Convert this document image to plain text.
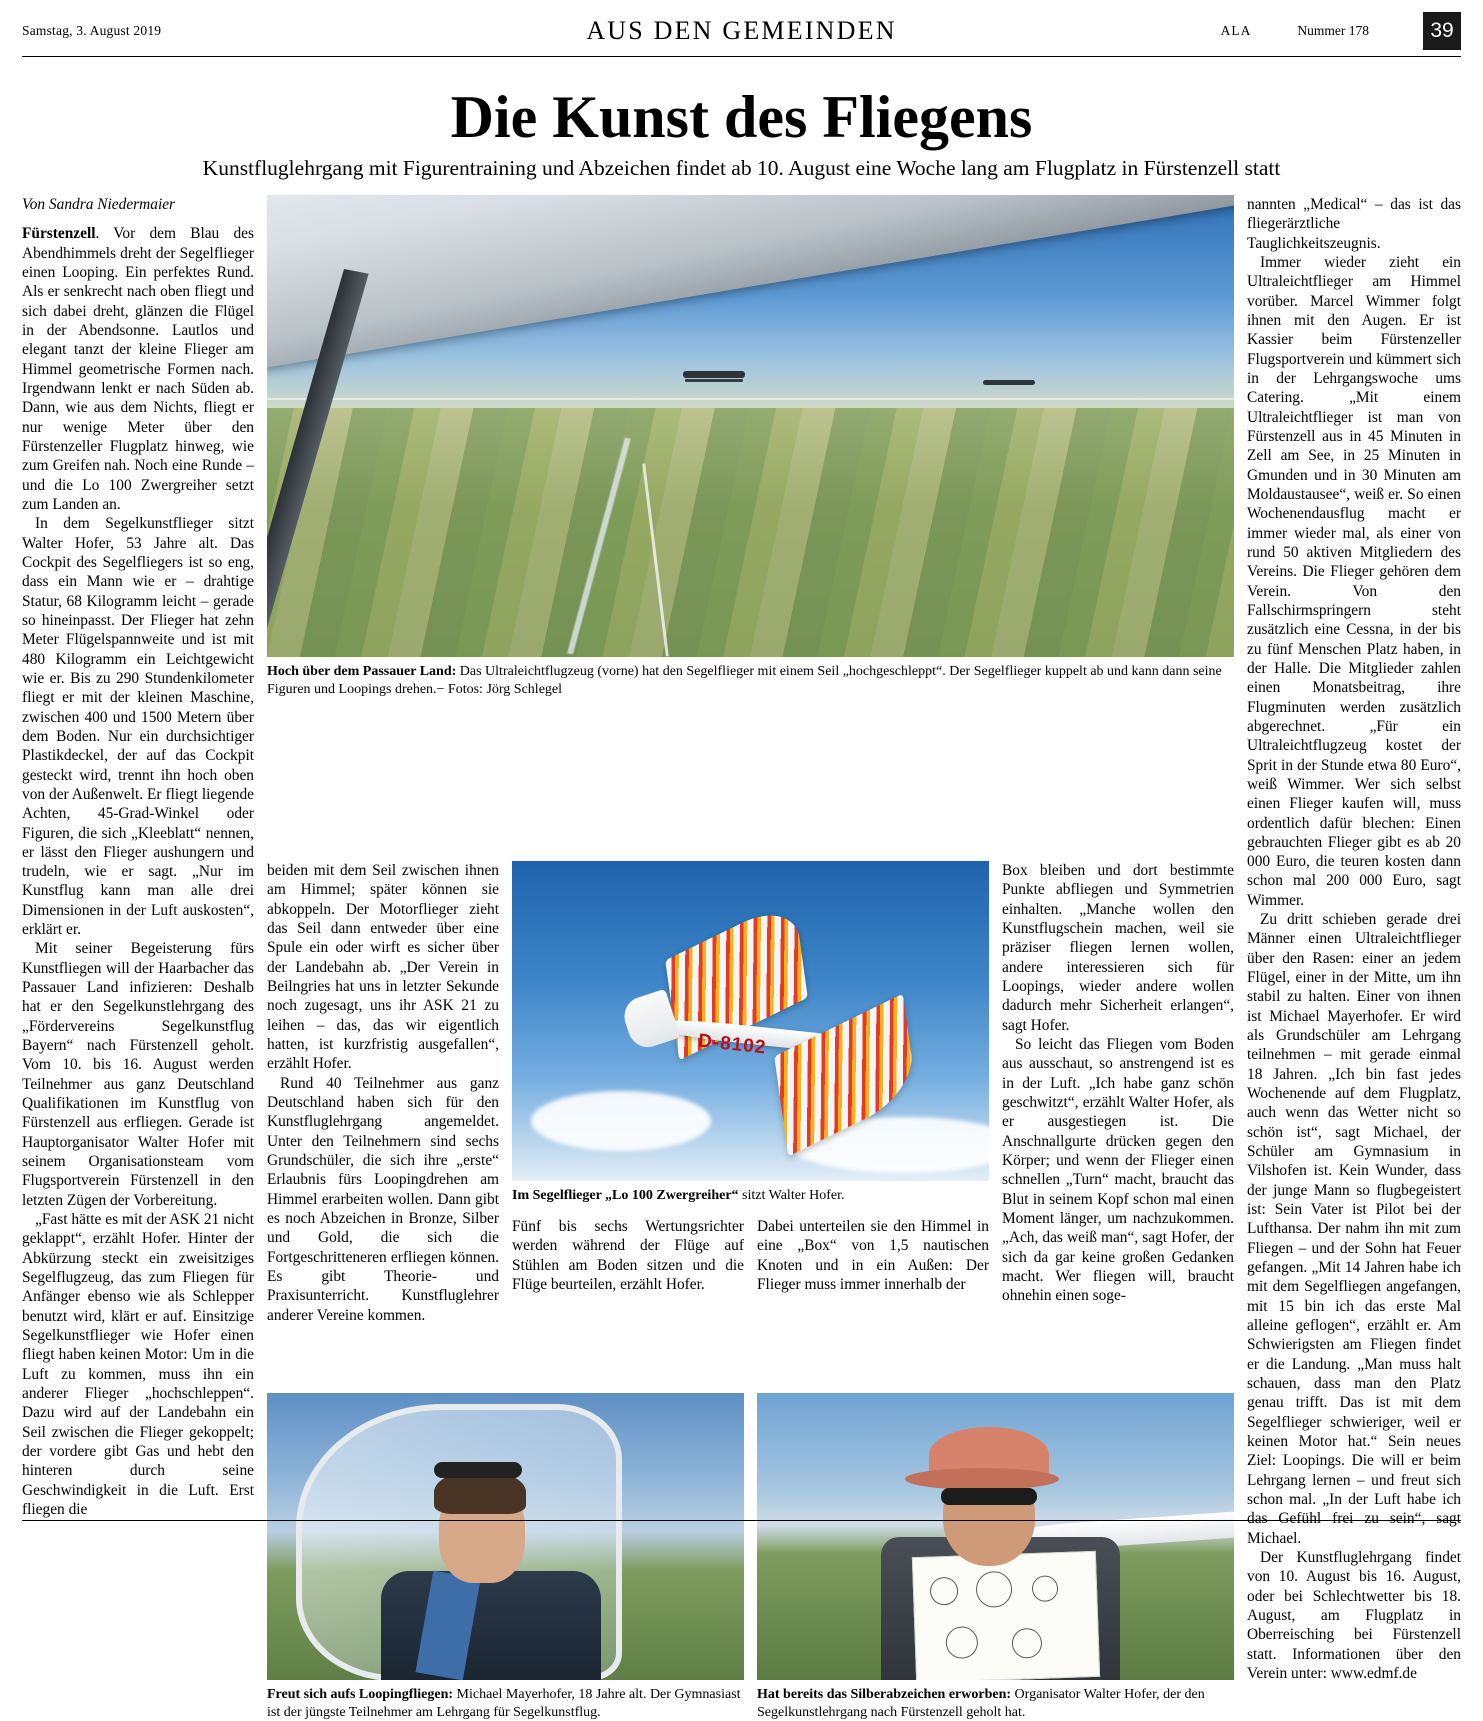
Samstag, 3. August 2019	AUS DEN GEMEINDEN	ALA	Nummer 178	39
Die Kunst des Fliegens
Kunstfluglehrgang mit Figurentraining und Abzeichen findet ab 10. August eine Woche lang am Flugplatz in Fürstenzell statt
Von Sandra Niedermaier

Fürstenzell. Vor dem Blau des Abendhimmels dreht der Segelflieger einen Looping. Ein perfektes Rund. Als er senkrecht nach oben fliegt und sich dabei dreht, glänzen die Flügel in der Abendsonne. Lautlos und elegant tanzt der kleine Flieger am Himmel geometrische Formen nach. Irgendwann lenkt er nach Süden ab. Dann, wie aus dem Nichts, fliegt er nur wenige Meter über den Fürstenzeller Flugplatz hinweg, wie zum Greifen nah. Noch eine Runde – und die Lo 100 Zwergreiher setzt zum Landen an.

In dem Segelkunstflieger sitzt Walter Hofer, 53 Jahre alt. Das Cockpit des Segelfliegers ist so eng, dass ein Mann wie er – drahtige Statur, 68 Kilogramm leicht – gerade so hineinpasst. Der Flieger hat zehn Meter Flügelspannweite und ist mit 480 Kilogramm ein Leichtgewicht wie er. Bis zu 290 Stundenkilometer fliegt er mit der kleinen Maschine, zwischen 400 und 1500 Metern über dem Boden. Nur ein durchsichtiger Plastikdeckel, der auf das Cockpit gesteckt wird, trennt ihn hoch oben von der Außenwelt. Er fliegt liegende Achten, 45-Grad-Winkel oder Figuren, die sich „Kleeblatt“ nennen, er lässt den Flieger aushungern und trudeln, wie er sagt. „Nur im Kunstflug kann man alle drei Dimensionen in der Luft auskosten“, erklärt er.

Mit seiner Begeisterung fürs Kunstfliegen will der Haarbacher das Passauer Land infizieren: Deshalb hat er den Segelkunstlehrgang des „Fördervereins Segelkunstflug Bayern“ nach Fürstenzell geholt. Vom 10. bis 16. August werden Teilnehmer aus ganz Deutschland Qualifikationen im Kunstflug von Fürstenzell aus erfliegen. Gerade ist Hauptorganisator Walter Hofer mit seinem Organisationsteam vom Flugsportverein Fürstenzell in den letzten Zügen der Vorbereitung.

„Fast hätte es mit der ASK 21 nicht geklappt“, erzählt Hofer. Hinter der Abkürzung steckt ein zweisitziges Segelflugzeug, das zum Fliegen für Anfänger ebenso wie als Schlepper benutzt wird, klärt er auf. Einsitzige Segelkunstflieger wie Hofer einen fliegt haben keinen Motor: Um in die Luft zu kommen, muss ihn ein anderer Flieger „hochschleppen“. Dazu wird auf der Landebahn ein Seil zwischen die Flieger gekoppelt; der vordere gibt Gas und hebt den hinteren durch seine Geschwindigkeit in die Luft. Erst fliegen die

Hoch über dem Passauer Land: Das Ultraleichtflugzeug (vorne) hat den Segelflieger mit einem Seil „hochgeschleppt“. Der Segelflieger kuppelt ab und kann dann seine Figuren und Loopings drehen.− Fotos: Jörg Schlegel

beiden mit dem Seil zwischen ihnen am Himmel; später können sie abkoppeln. Der Motorflieger zieht das Seil dann entweder über eine Spule ein oder wirft es sicher über der Landebahn ab. „Der Verein in Beilngries hat uns in letzter Sekunde noch zugesagt, uns ihr ASK 21 zu leihen – das, das wir eigentlich hatten, ist kurzfristig ausgefallen“, erzählt Hofer.

Rund 40 Teilnehmer aus ganz Deutschland haben sich für den Kunstfluglehrgang angemeldet. Unter den Teilnehmern sind sechs Grundschüler, die sich ihre „erste“ Erlaubnis fürs Loopingdrehen am Himmel erarbeiten wollen. Dann gibt es noch Abzeichen in Bronze, Silber und Gold, die sich die Fortgeschritteneren erfliegen können. Es gibt Theorie- und Praxisunterricht. Kunstfluglehrer anderer Vereine kommen.

D-8102
Im Segelflieger „Lo 100 Zwergreiher“ sitzt Walter Hofer.

Fünf bis sechs Wertungsrichter werden während der Flüge auf Stühlen am Boden sitzen und die Flüge beurteilen, erzählt Hofer.

Dabei unterteilen sie den Himmel in eine „Box“ von 1,5 nautischen Knoten und in ein Außen: Der Flieger muss immer innerhalb der

Box bleiben und dort bestimmte Punkte abfliegen und Symmetrien einhalten. „Manche wollen den Kunstflugschein machen, weil sie präziser fliegen lernen wollen, andere interessieren sich für Loopings, wieder andere wollen dadurch mehr Sicherheit erlangen“, sagt Hofer.

So leicht das Fliegen vom Boden aus ausschaut, so anstrengend ist es in der Luft. „Ich habe ganz schön geschwitzt“, erzählt Walter Hofer, als er ausgestiegen ist. Die Anschnallgurte drücken gegen den Körper; und wenn der Flieger einen schnellen „Turn“ macht, braucht das Blut in seinem Kopf schon mal einen Moment länger, um nachzukommen. „Ach, das weiß man“, sagt Hofer, der sich da gar keine großen Gedanken macht. Wer fliegen will, braucht ohnehin einen soge-

nannten „Medical“ – das ist das fliegerärztliche Tauglichkeitszeugnis.

Immer wieder zieht ein Ultraleichtflieger am Himmel vorüber. Marcel Wimmer folgt ihnen mit den Augen. Er ist Kassier beim Fürstenzeller Flugsportverein und kümmert sich in der Lehrgangswoche ums Catering. „Mit einem Ultraleichtflieger ist man von Fürstenzell aus in 45 Minuten in Zell am See, in 25 Minuten in Gmunden und in 30 Minuten am Moldaustausee“, weiß er. So einen Wochenendausflug macht er immer wieder mal, als einer von rund 50 aktiven Mitgliedern des Vereins. Die Flieger gehören dem Verein. Von den Fallschirmspringern steht zusätzlich eine Cessna, in der bis zu fünf Menschen Platz haben, in der Halle. Die Mitglieder zahlen einen Monatsbeitrag, ihre Flugminuten werden zusätzlich abgerechnet. „Für ein Ultraleichtflugzeug kostet der Sprit in der Stunde etwa 80 Euro“, weiß Wimmer. Wer sich selbst einen Flieger kaufen will, muss ordentlich dafür blechen: Einen gebrauchten Flieger gibt es ab 20 000 Euro, die teuren kosten dann schon mal 200 000 Euro, sagt Wimmer.

Zu dritt schieben gerade drei Männer einen Ultraleichtflieger über den Rasen: einer an jedem Flügel, einer in der Mitte, um ihn stabil zu halten. Einer von ihnen ist Michael Mayerhofer. Er wird als Grundschüler am Lehrgang teilnehmen – mit gerade einmal 18 Jahren. „Ich bin fast jedes Wochenende auf dem Flugplatz, auch wenn das Wetter nicht so schön ist“, sagt Michael, der Schüler am Gymnasium in Vilshofen ist. Kein Wunder, dass der junge Mann so flugbegeistert ist: Sein Vater ist Pilot bei der Lufthansa. Der nahm ihn mit zum Fliegen – und der Sohn hat Feuer gefangen. „Mit 14 Jahren habe ich mit dem Segelfliegen angefangen, mit 15 bin ich das erste Mal alleine geflogen“, erzählt er. Am Schwierigsten am Fliegen findet er die Landung. „Man muss halt schauen, dass man den Platz genau trifft. Das ist mit dem Segelflieger schwieriger, weil er keinen Motor hat.“ Sein neues Ziel: Loopings. Die will er beim Lehrgang lernen – und freut sich schon mal. „In der Luft habe ich das Gefühl frei zu sein“, sagt Michael.

Der Kunstfluglehrgang findet von 10. August bis 16. August, oder bei Schlechtwetter bis 18. August, am Flugplatz in Oberreisching bei Fürstenzell statt. Informationen über den Verein unter: www.edmf.de

Freut sich aufs Loopingfliegen: Michael Mayerhofer, 18 Jahre alt. Der Gymnasiast ist der jüngste Teilnehmer am Lehrgang für Segelkunstflug.
Hat bereits das Silberabzeichen erworben: Organisator Walter Hofer, der den Segelkunstlehrgang nach Fürstenzell geholt hat.
